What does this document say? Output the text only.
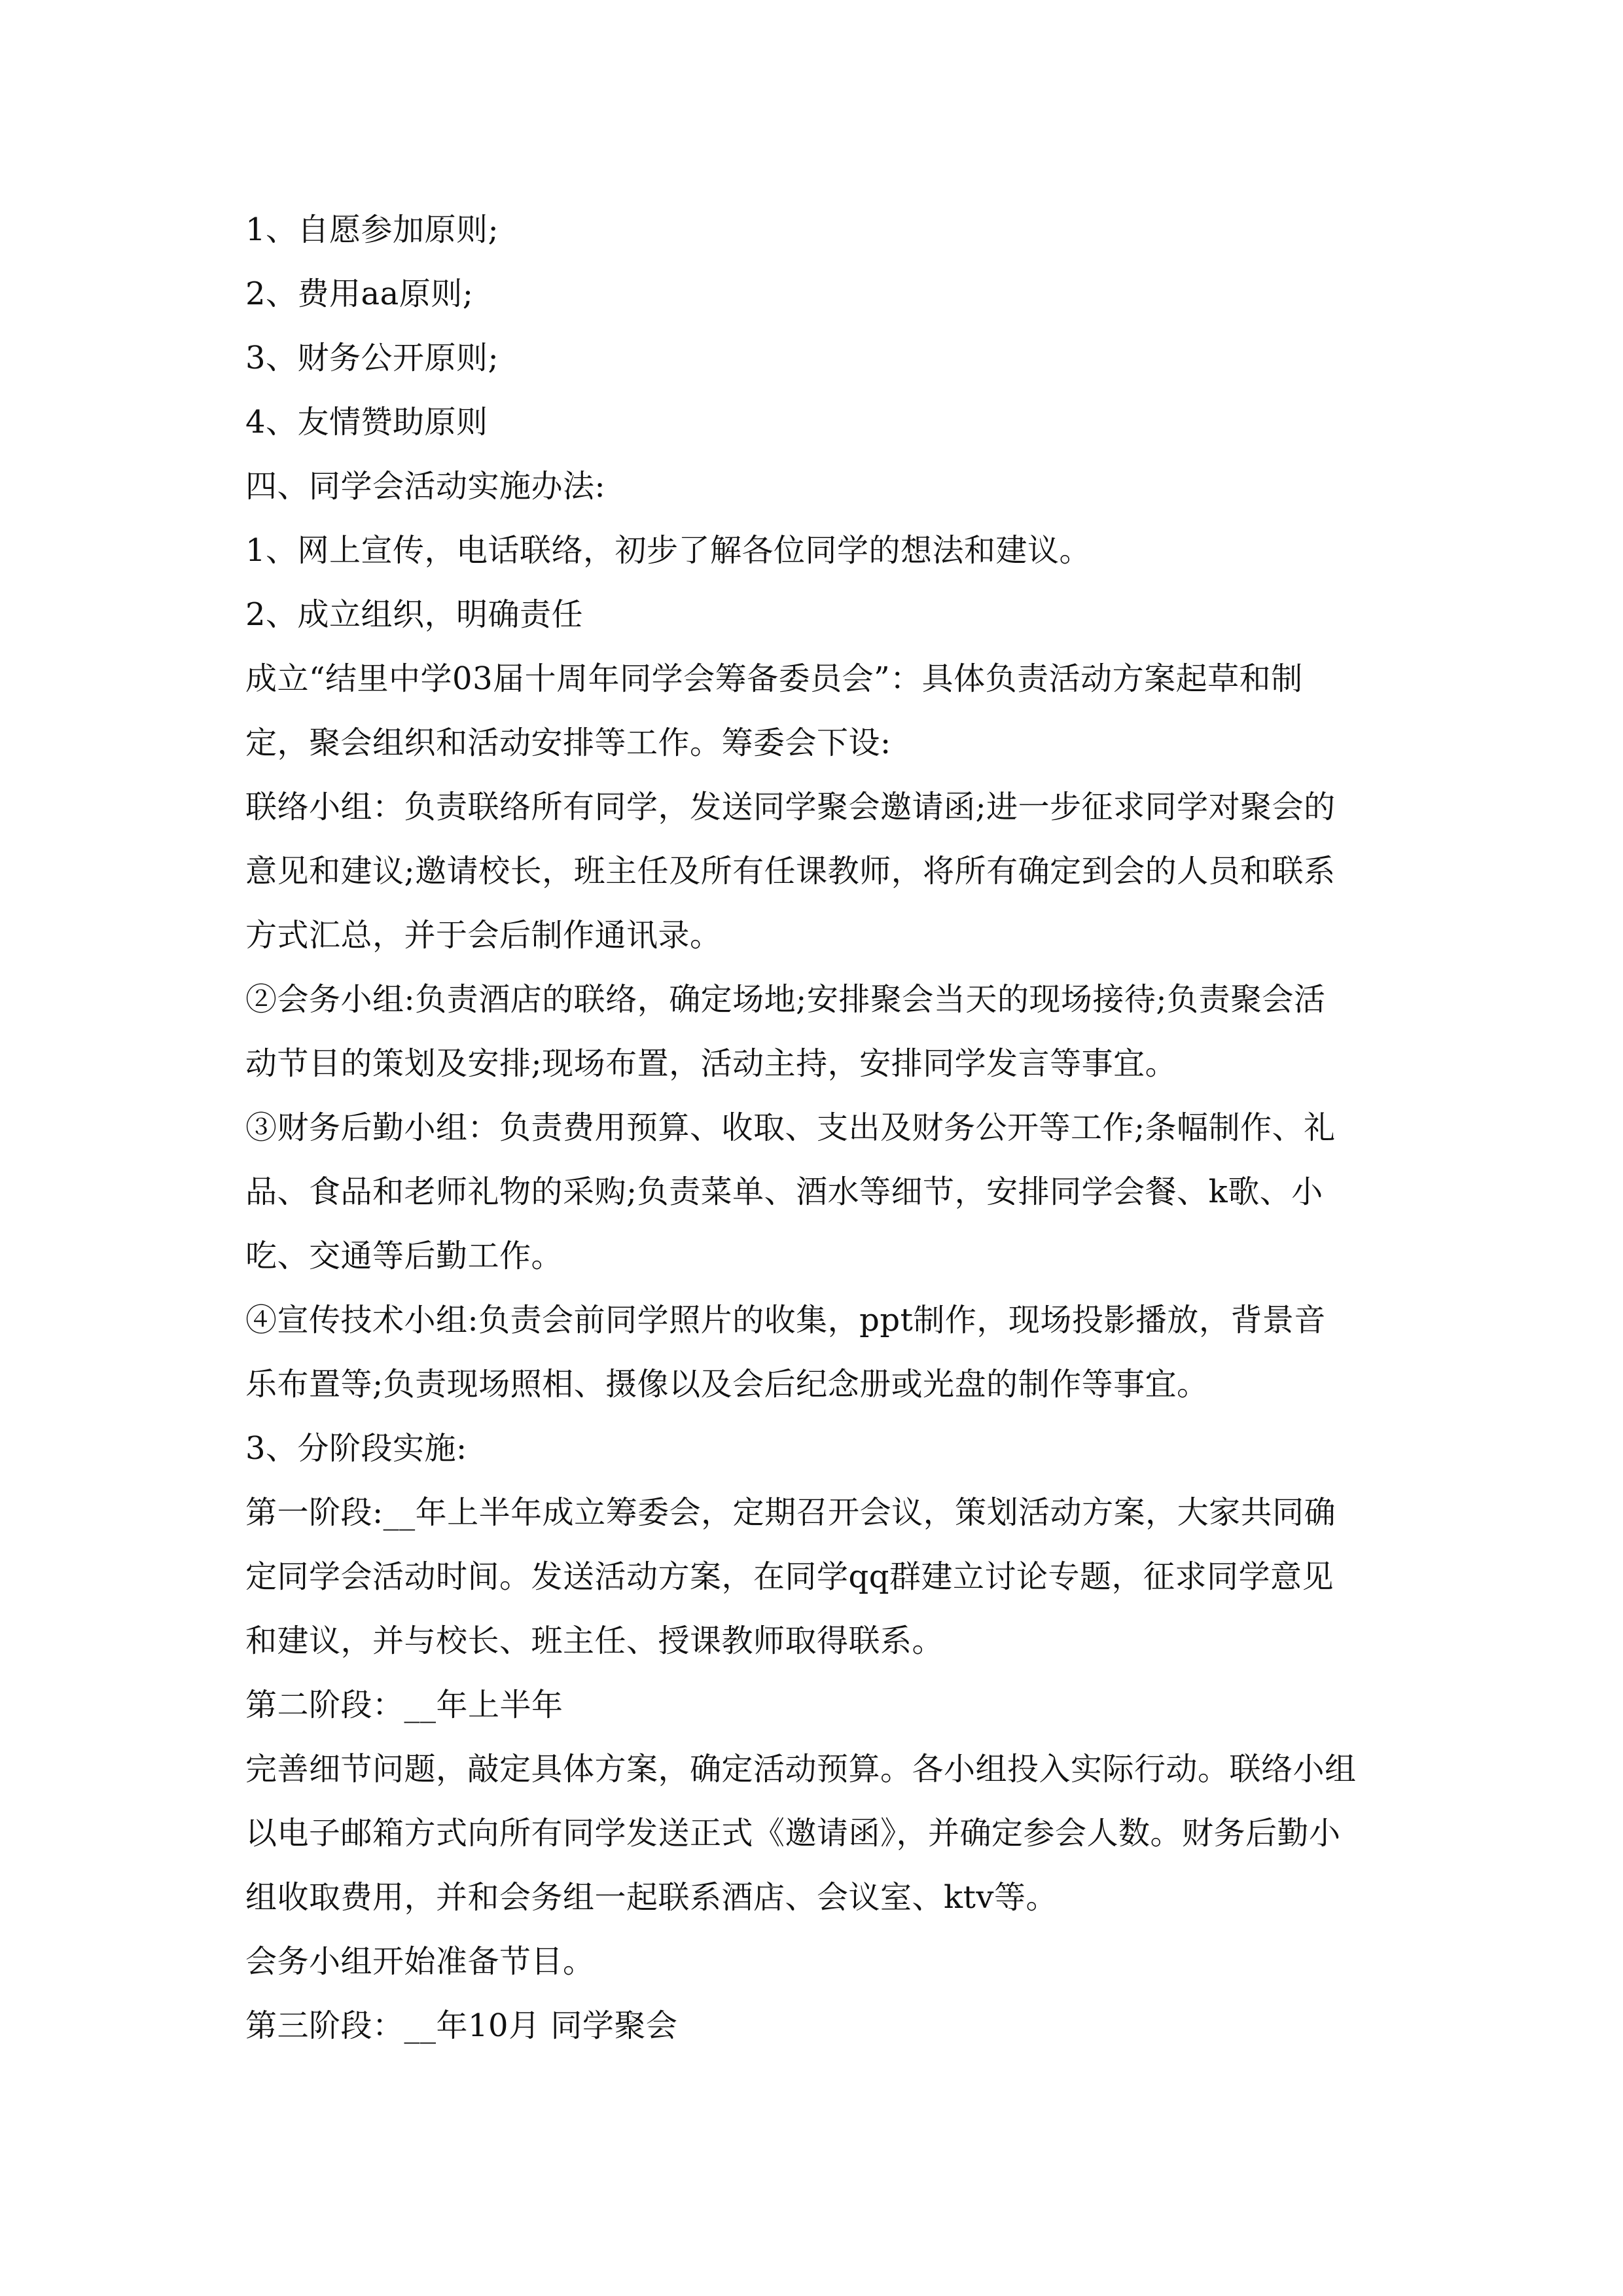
1、自愿参加原则;
2、费用aa原则;
3、财务公开原则;
4、友情赞助原则
四、同学会活动实施办法:
1、网上宣传，电话联络，初步了解各位同学的想法和建议。
2、成立组织，明确责任
成立“结里中学03届十周年同学会筹备委员会”：具体负责活动方案起草和制
定，聚会组织和活动安排等工作。筹委会下设:
联络小组：负责联络所有同学，发送同学聚会邀请函;进一步征求同学对聚会的
意见和建议;邀请校长，班主任及所有任课教师，将所有确定到会的人员和联系
方式汇总，并于会后制作通讯录。
②会务小组:负责酒店的联络，确定场地;安排聚会当天的现场接待;负责聚会活
动节目的策划及安排;现场布置，活动主持，安排同学发言等事宜。
③财务后勤小组：负责费用预算、收取、支出及财务公开等工作;条幅制作、礼
品、食品和老师礼物的采购;负责菜单、酒水等细节，安排同学会餐、k歌、小
吃、交通等后勤工作。
④宣传技术小组:负责会前同学照片的收集，ppt制作，现场投影播放，背景音
乐布置等;负责现场照相、摄像以及会后纪念册或光盘的制作等事宜。
3、分阶段实施:
第一阶段:__年上半年成立筹委会，定期召开会议，策划活动方案，大家共同确
定同学会活动时间。发送活动方案，在同学qq群建立讨论专题，征求同学意见
和建议，并与校长、班主任、授课教师取得联系。
第二阶段：__年上半年
完善细节问题，敲定具体方案，确定活动预算。各小组投入实际行动。联络小组
以电子邮箱方式向所有同学发送正式《邀请函》，并确定参会人数。财务后勤小
组收取费用，并和会务组一起联系酒店、会议室、ktv等。
会务小组开始准备节目。
第三阶段：__年10月 同学聚会
